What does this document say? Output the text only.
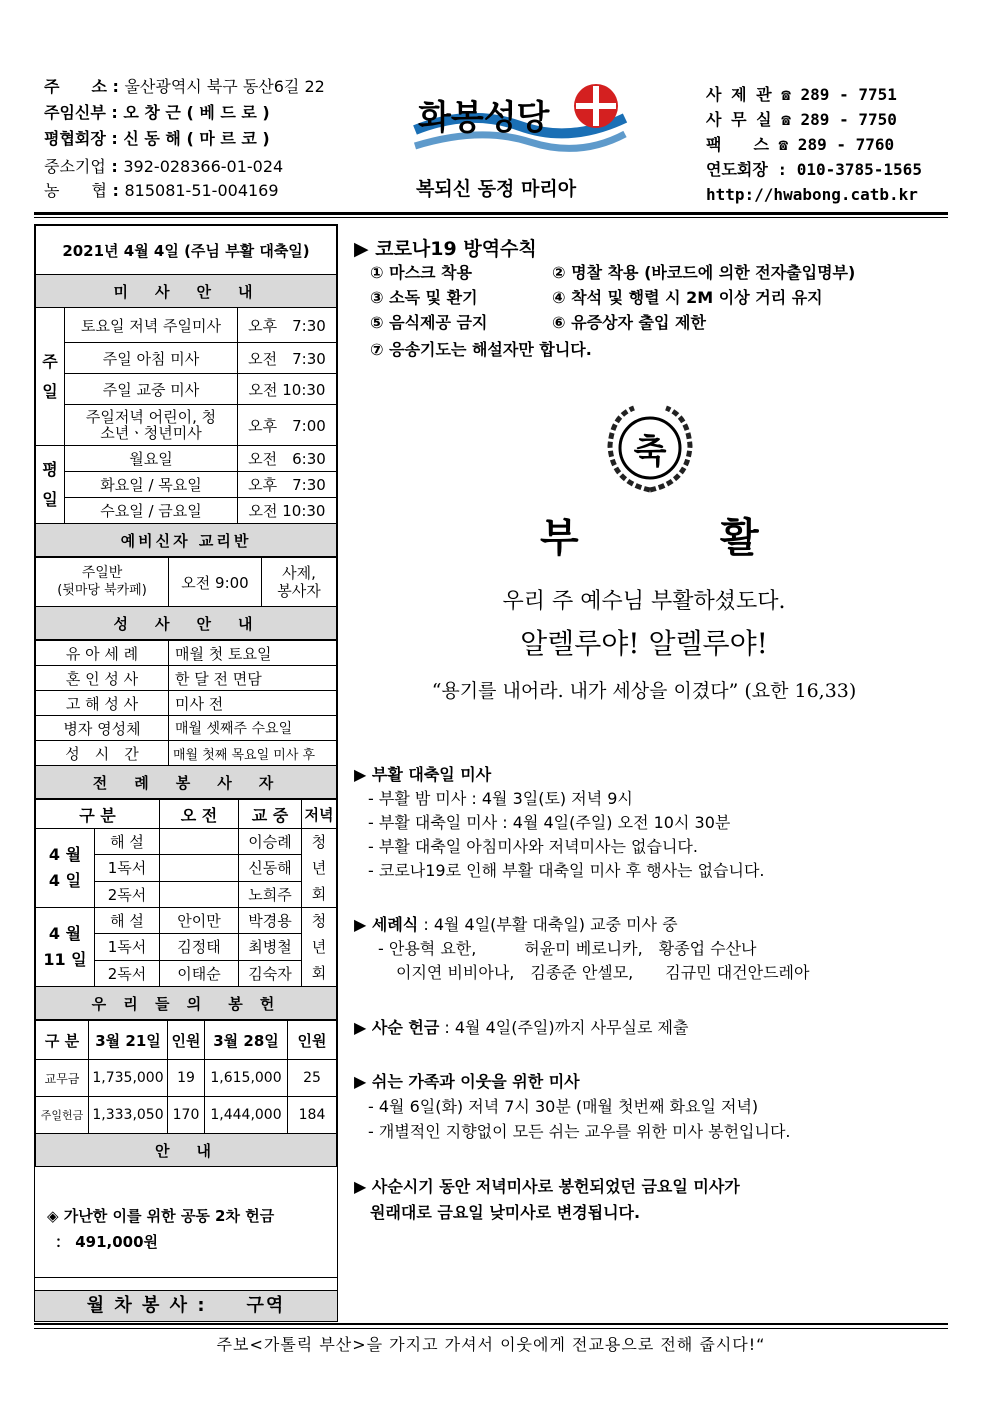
주　　소 : 울산광역시 북구 동산6길 22
주임신부 : 오 창 근 ( 베 드 로 )
평협회장 : 신 동 해 ( 마 르 코 )
중소기업 : 392-028366-01-024
농　　협 : 815081-51-004169
화봉성당
복되신 동정 마리아
사 제 관 ☎ 289 - 7751
사 무 실 ☎ 289 - 7750
팩　　스 ☎ 289 - 7760
연도회장 : 010-3785-1565
http://hwabong.catb.kr
2021년 4월 4일 (주님 부활 대축일)		
미　사　안　내		
주
일	토요일 저녁 주일미사	오후　7:30
	주일 아침 미사	오전　7:30
	주일 교중 미사	오전 10:30
	주일저녁 어린이, 청소년ㆍ청년미사	오후　7:00
평
일	월요일	오전　6:30
	화요일 / 목요일	오후　7:30
	수요일 / 금요일	오전 10:30
예비신자 교리반		
주일반
(뒷마당 북카페)	오전 9:00	사제, 봉사자
성　사　안　내
유 아 세 례	매월 첫 토요일
혼 인 성 사	한 달 전 면담
고 해 성 사	미사 전
병자 영성체	매월 셋째주 수요일
성　시　간	매월 첫째 목요일 미사 후
전　례　봉　사　자	
구 분		오 전	교 중	저녁
4 월
4 일	해 설		이승례	청년회
	1독서		신동해	
	2독서		노희주	
4 월
11 일	해 설	안이만	박경용	청년회
	1독서	김정태	최병철	
	2독서	이태순	김숙자	
우 리 들 의　봉 헌				
구 분	3월 21일	인원	3월 28일	인원
교무금	1,735,000	19	1,615,000	25
주일헌금	1,333,050	170	1,444,000	184
안　내				
◈ 가난한 이를 위한 공동 2차 헌금
： 491,000원
월 차 봉 사 :　　구역
▶ 코로나19 방역수칙
① 마스크 착용	② 명찰 착용 (바코드에 의한 전자출입명부)
③ 소독 및 환기	④ 착석 및 행렬 시 2M 이상 거리 유지
⑤ 음식제공 금지	⑥ 유증상자 출입 제한
⑦ 응송기도는 해설자만 합니다.
축
부	활
우리 주 예수님 부활하셨도다.
알렐루야! 알렐루야!
“용기를 내어라. 내가 세상을 이겼다” (요한 16,33)
▶ 부활 대축일 미사
- 부활 밤 미사 : 4월 3일(토) 저녁 9시
- 부활 대축일 미사 : 4월 4일(주일) 오전 10시 30분
- 부활 대축일 아침미사와 저녁미사는 없습니다.
- 코로나19로 인해 부활 대축일 미사 후 행사는 없습니다.
▶ 세례식 : 4월 4일(부활 대축일) 교중 미사 중
- 안용혁 요한,　　　허윤미 베로니카,　황종업 수산나
이지연 비비아나,　김종준 안셀모,　　김규민 대건안드레아
▶ 사순 헌금 : 4월 4일(주일)까지 사무실로 제출
▶ 쉬는 가족과 이웃을 위한 미사
- 4월 6일(화) 저녁 7시 30분 (매월 첫번째 화요일 저녁)
- 개별적인 지향없이 모든 쉬는 교우를 위한 미사 봉헌입니다.
▶ 사순시기 동안 저녁미사로 봉헌되었던 금요일 미사가
원래대로 금요일 낮미사로 변경됩니다.
주보<가톨릭 부산>을 가지고 가셔서 이웃에게 전교용으로 전해 줍시다!“
